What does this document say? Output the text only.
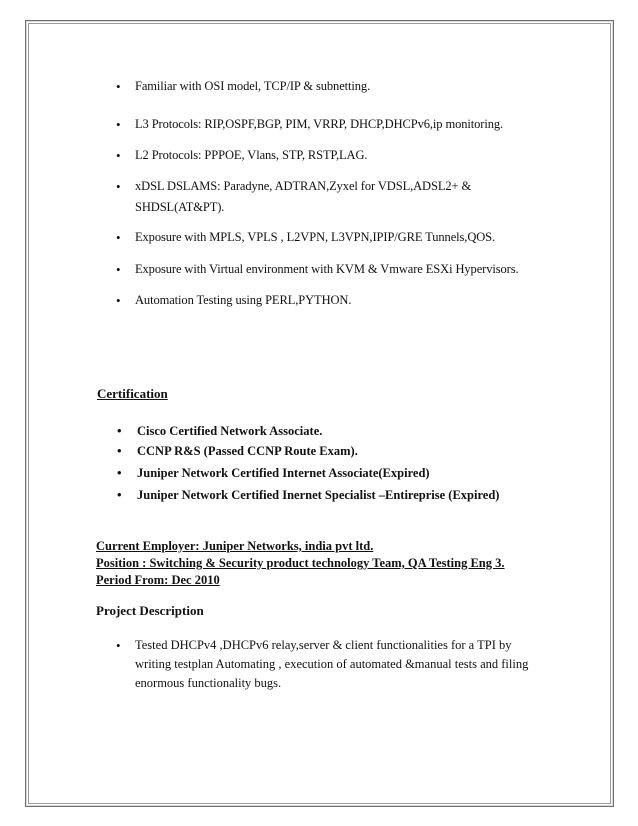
•	Familiar with OSI model, TCP/IP & subnetting.
•	L3 Protocols: RIP,OSPF,BGP, PIM, VRRP, DHCP,DHCPv6,ip monitoring.
•	L2 Protocols: PPPOE, Vlans, STP, RSTP,LAG.
•	xDSL DSLAMS: Paradyne, ADTRAN,Zyxel for VDSL,ADSL2+ & SHDSL(AT&PT).
•	Exposure with MPLS, VPLS , L2VPN, L3VPN,IPIP/GRE Tunnels,QOS.
•	Exposure with Virtual environment with KVM & Vmware ESXi Hypervisors.
•	Automation Testing using PERL,PYTHON.
Certification
•	Cisco Certified Network Associate.
•	CCNP R&S (Passed CCNP Route Exam).
•	Juniper Network Certified Internet Associate(Expired)
•	Juniper Network Certified Inernet Specialist –Entireprise (Expired)
Current Employer: Juniper Networks, india pvt ltd.
Position : Switching & Security product technology Team, QA Testing Eng 3.
Period From: Dec 2010
Project Description
•	Tested DHCPv4 ,DHCPv6 relay,server & client functionalities for a TPI by writing testplan Automating , execution of automated &manual tests and filing enormous functionality bugs.
